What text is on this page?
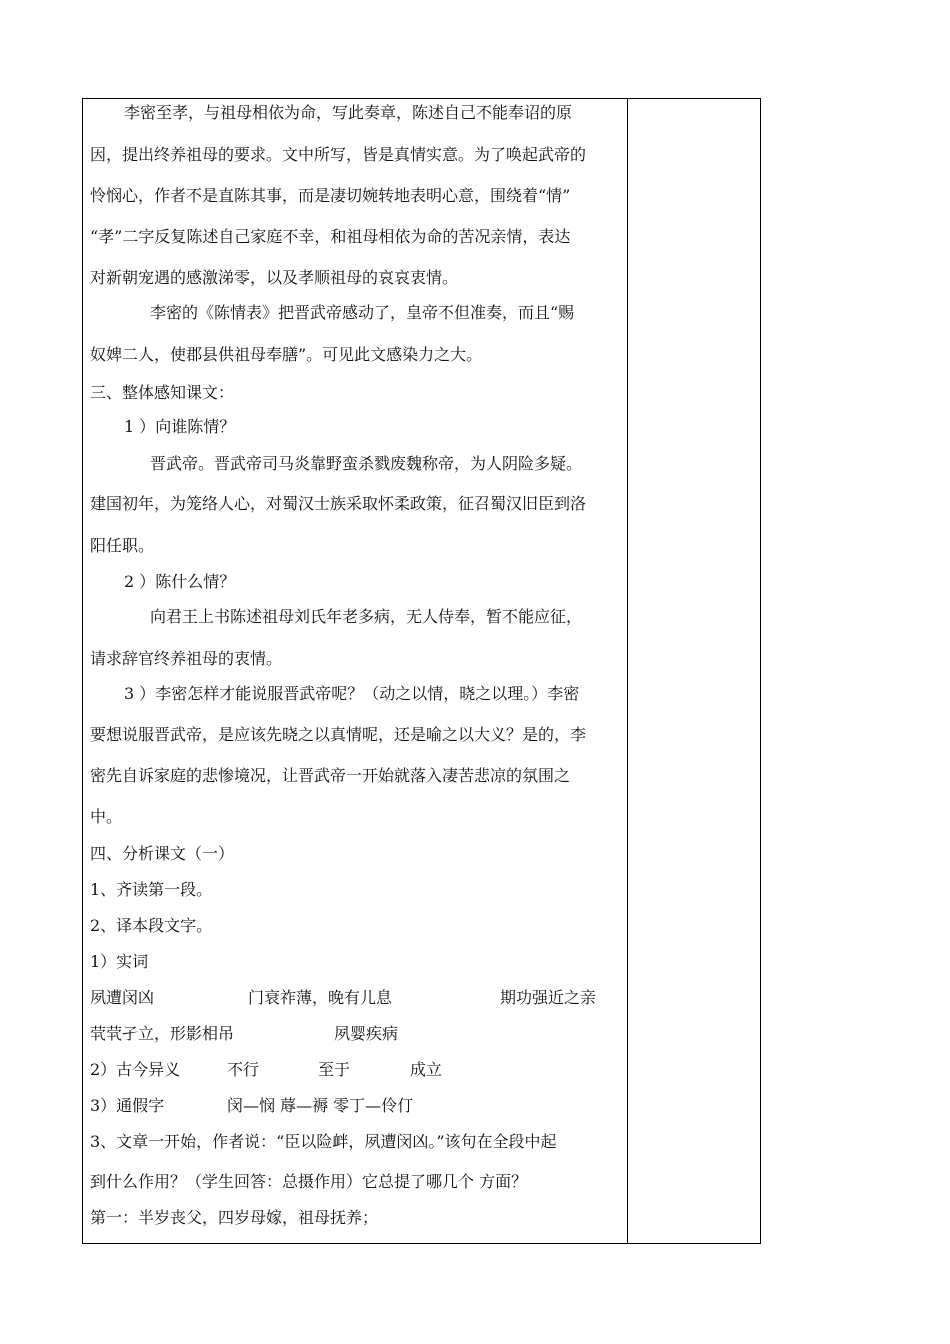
李密至孝，与祖母相依为命，写此奏章，陈述自己不能奉诏的原
因，提出终养祖母的要求。文中所写，皆是真情实意。为了唤起武帝的
怜悯心，作者不是直陈其事，而是凄切婉转地表明心意，围绕着“情”
“孝”二字反复陈述自己家庭不幸，和祖母相依为命的苦况亲情，表达
对新朝宠遇的感激涕零，以及孝顺祖母的哀哀衷情。
李密的《陈情表》把晋武帝感动了，皇帝不但准奏，而且“赐
奴婢二人，使郡县供祖母奉膳”。可见此文感染力之大。
三、整体感知课文：
1 ）向谁陈情？
晋武帝。晋武帝司马炎靠野蛮杀戮废魏称帝，为人阴险多疑。
建国初年，为笼络人心，对蜀汉士族采取怀柔政策，征召蜀汉旧臣到洛
阳任职。
2 ）陈什么情？
向君王上书陈述祖母刘氏年老多病，无人侍奉，暂不能应征，
请求辞官终养祖母的衷情。
3 ）李密怎样才能说服晋武帝呢？（动之以情，晓之以理。）李密
要想说服晋武帝，是应该先晓之以真情呢，还是喻之以大义？是的，李
密先自诉家庭的悲惨境况，让晋武帝一开始就落入凄苦悲凉的氛围之
中。
四、分析课文（一）
1、齐读第一段。
2、译本段文字。
1）实词
夙遭闵凶	门衰祚薄，晚有儿息	期功强近之亲
茕茕孑立，形影相吊	夙婴疾病
2）古今异义	不行	至于	成立
3）通假字	闵—悯 蓐—褥 零丁—伶仃
3、文章一开始，作者说：“臣以险衅，夙遭闵凶。”该句在全段中起
到什么作用？（学生回答：总摄作用）它总提了哪几个 方面？
第一：半岁丧父，四岁母嫁，祖母抚养；
